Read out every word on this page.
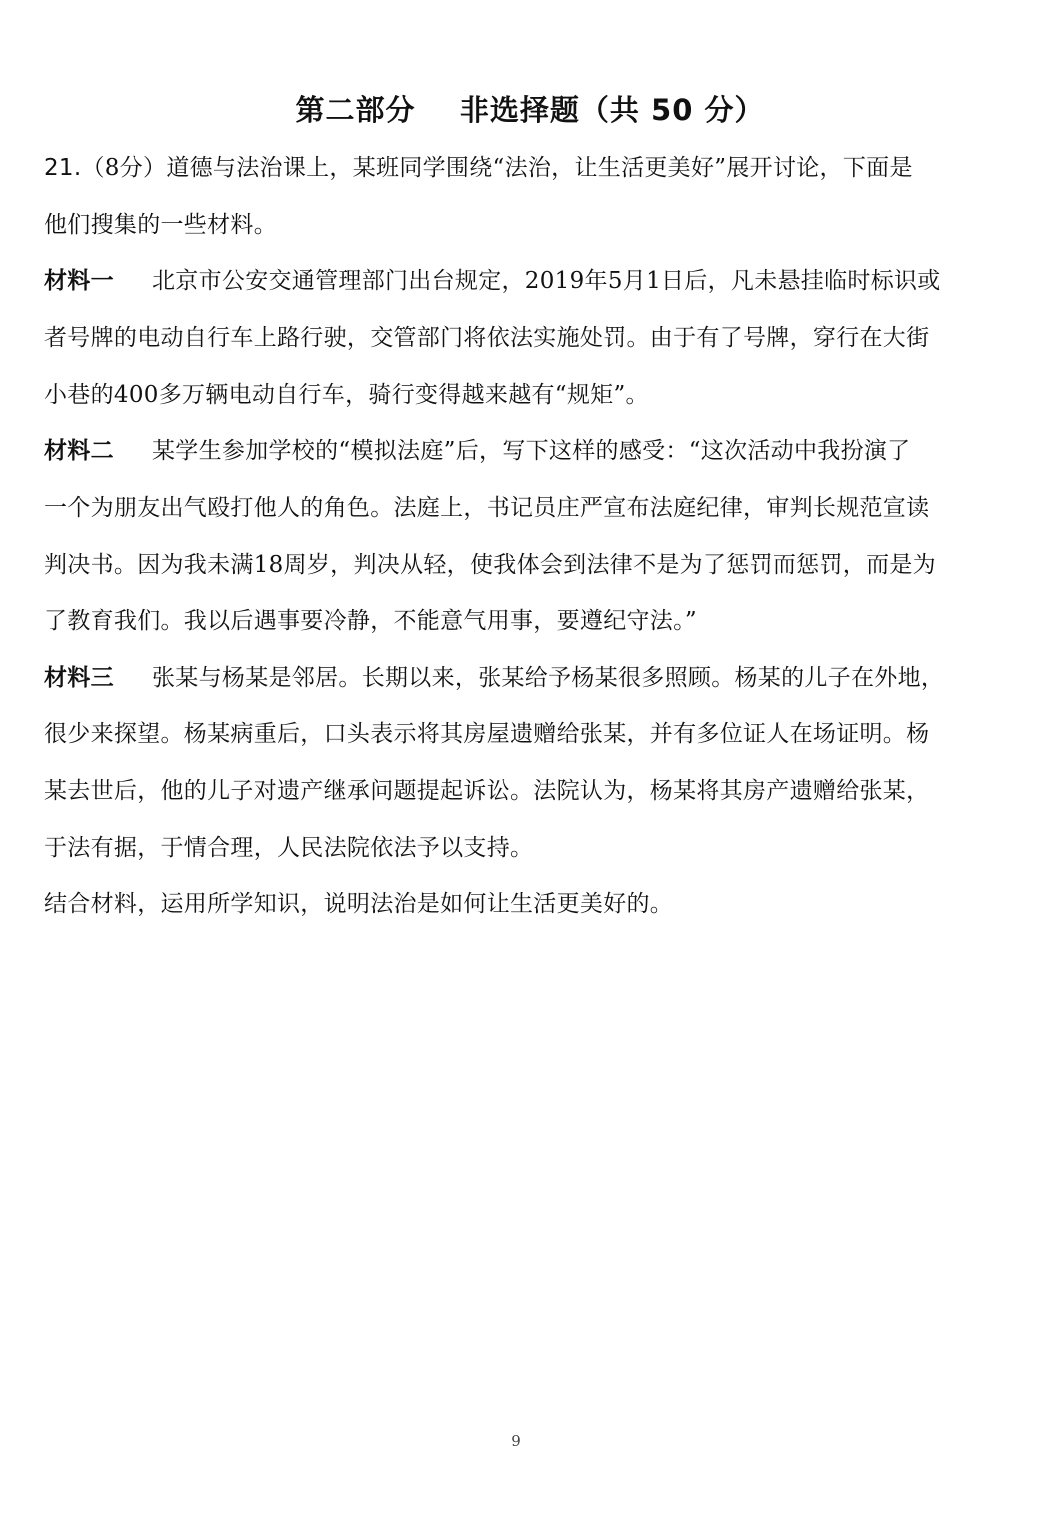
第二部分    非选择题（共 50 分）
21.（8分）道德与法治课上，某班同学围绕“法治，让生活更美好”展开讨论，下面是
他们搜集的一些材料。
材料一 北京市公安交通管理部门出台规定，2019年5月1日后，凡未悬挂临时标识或
者号牌的电动自行车上路行驶，交管部门将依法实施处罚。由于有了号牌，穿行在大街
小巷的400多万辆电动自行车，骑行变得越来越有“规矩”。
材料二 某学生参加学校的“模拟法庭”后，写下这样的感受：“这次活动中我扮演了
一个为朋友出气殴打他人的角色。法庭上，书记员庄严宣布法庭纪律，审判长规范宣读
判决书。因为我未满18周岁，判决从轻，使我体会到法律不是为了惩罚而惩罚，而是为
了教育我们。我以后遇事要冷静，不能意气用事，要遵纪守法。”
材料三 张某与杨某是邻居。长期以来，张某给予杨某很多照顾。杨某的儿子在外地，
很少来探望。杨某病重后，口头表示将其房屋遗赠给张某，并有多位证人在场证明。杨
某去世后，他的儿子对遗产继承问题提起诉讼。法院认为，杨某将其房产遗赠给张某，
于法有据，于情合理，人民法院依法予以支持。
结合材料，运用所学知识，说明法治是如何让生活更美好的。
9
